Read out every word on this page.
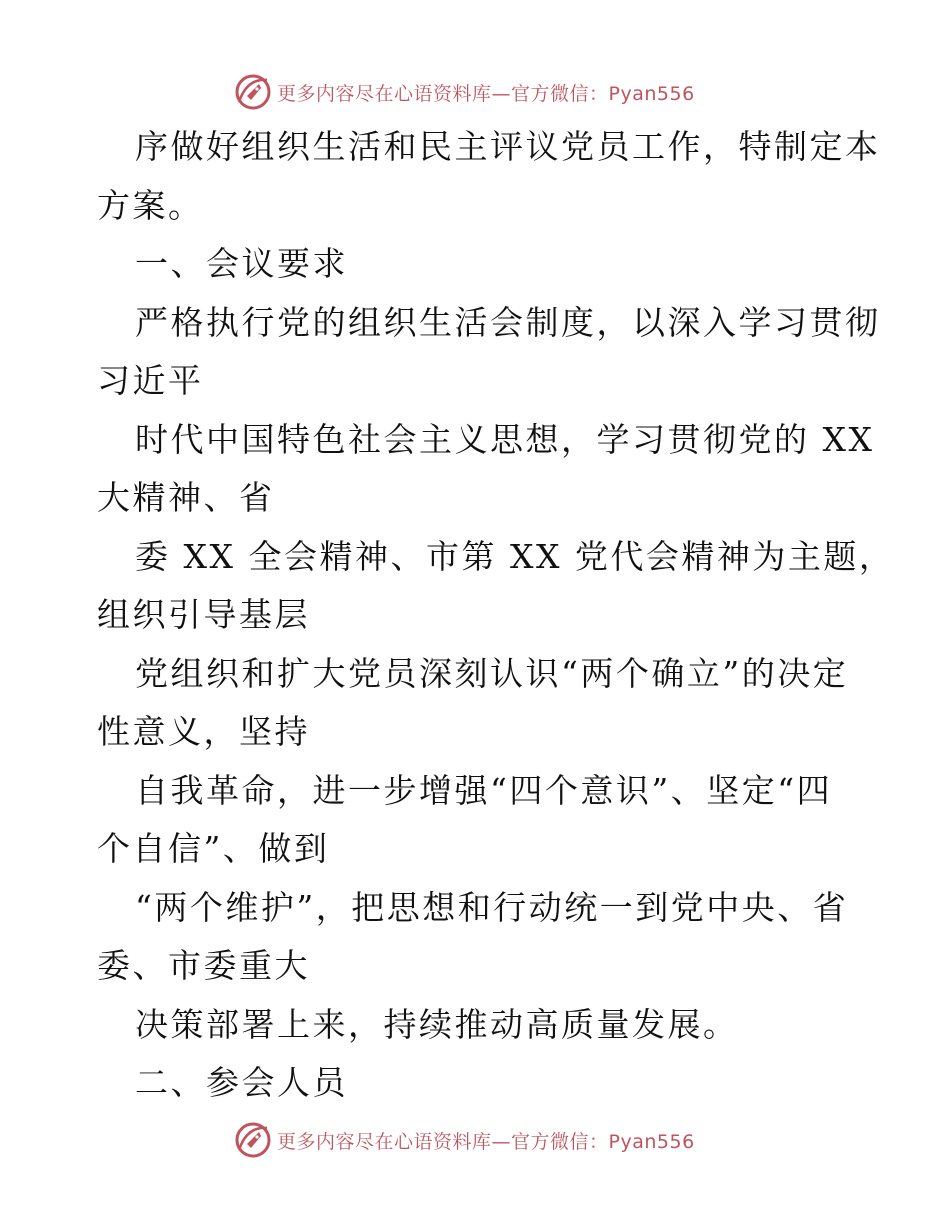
更多内容尽在心语资料库—官方微信：Pyan556
序做好组织生活和民主评议党员工作，特制定本
方案。
一、会议要求
严格执行党的组织生活会制度，以深入学习贯彻
习近平
时代中国特色社会主义思想，学习贯彻党的 XX
大精神、省
委 XX 全会精神、市第 XX 党代会精神为主题，
组织引导基层
党组织和扩大党员深刻认识“两个确立”的决定
性意义，坚持
自我革命，进一步增强“四个意识”、坚定“四
个自信”、做到
“两个维护”，把思想和行动统一到党中央、省
委、市委重大
决策部署上来，持续推动高质量发展。
二、参会人员
更多内容尽在心语资料库—官方微信：Pyan556
